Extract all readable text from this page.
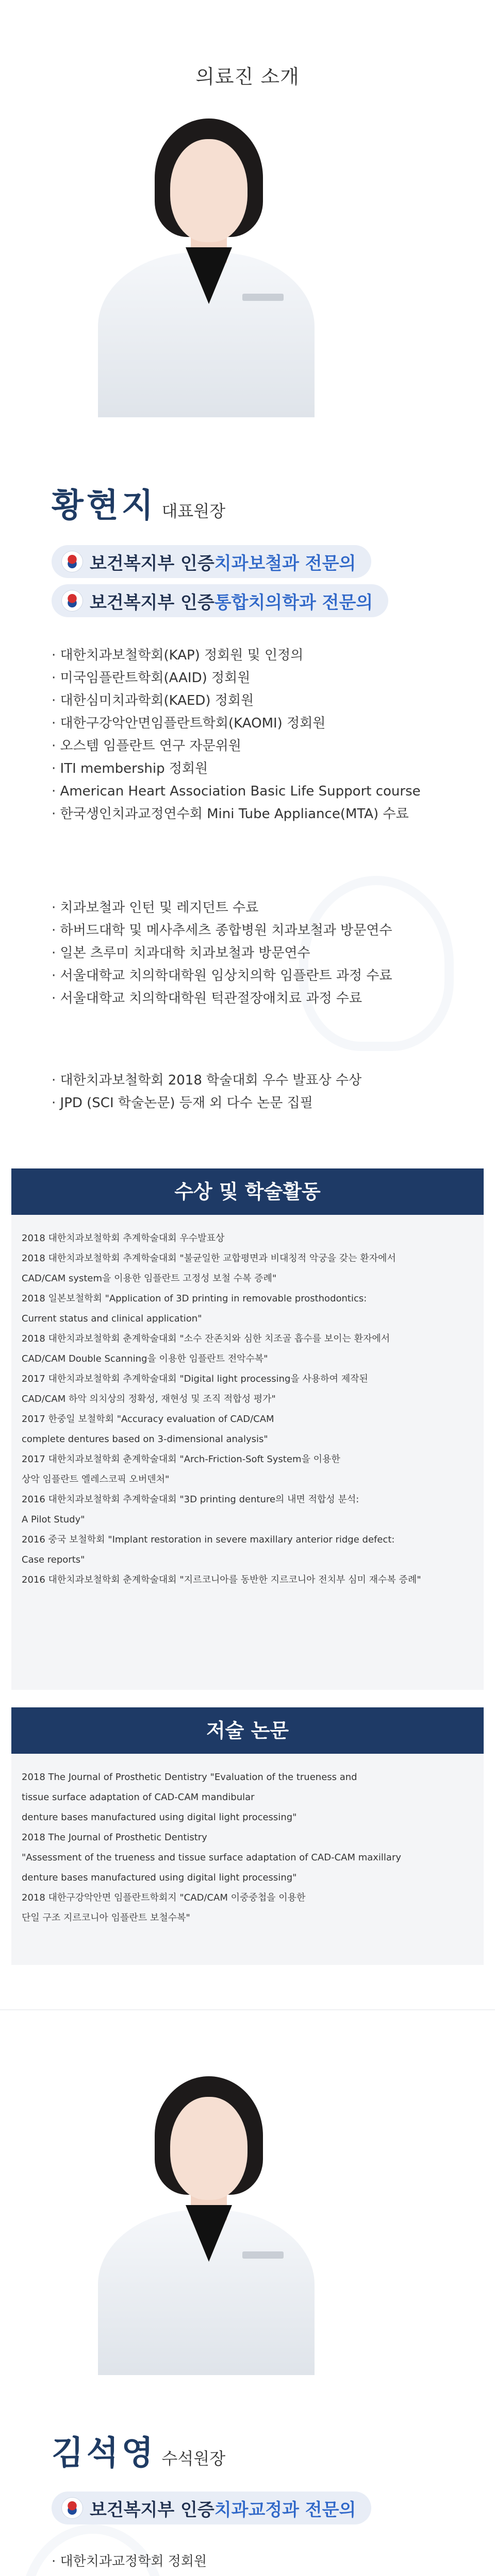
의료진 소개
황현지 대표원장
보건복지부 인증 치과보철과 전문의
보건복지부 인증 통합치의학과 전문의
· 대한치과보철학회(KAP) 정회원 및 인정의
· 미국임플란트학회(AAID) 정회원
· 대한심미치과학회(KAED) 정회원
· 대한구강악안면임플란트학회(KAOMI) 정회원
· 오스템 임플란트 연구 자문위원
· ITI membership 정회원
· American Heart Association Basic Life Support course
· 한국생인치과교정연수회 Mini Tube Appliance(MTA) 수료
· 치과보철과 인턴 및 레지던트 수료
· 하버드대학 및 메사추세츠 종합병원 치과보철과 방문연수
· 일본 츠루미 치과대학 치과보철과 방문연수
· 서울대학교 치의학대학원 임상치의학 임플란트 과정 수료
· 서울대학교 치의학대학원 턱관절장애치료 과정 수료
· 대한치과보철학회 2018 학술대회 우수 발표상 수상
· JPD (SCI 학술논문) 등재 외 다수 논문 집필
수상 및 학술활동
2018 대한치과보철학회 추계학술대회 우수발표상
2018 대한치과보철학회 추계학술대회 "불균일한 교합평면과 비대칭적 악궁을 갖는 환자에서
CAD/CAM system을 이용한 임플란트 고정성 보철 수복 증례"
2018 일본보철학회 "Application of 3D printing in removable prosthodontics:
Current status and clinical application"
2018 대한치과보철학회 춘계학술대회 "소수 잔존치와 심한 치조골 흡수를 보이는 환자에서
CAD/CAM Double Scanning을 이용한 임플란트 전악수복"
2017 대한치과보철학회 추계학술대회 "Digital light processing을 사용하여 제작된
CAD/CAM 하악 의치상의 정확성, 재현성 및 조직 적합성 평가"
2017 한중일 보철학회 "Accuracy evaluation of CAD/CAM
complete dentures based on 3-dimensional analysis"
2017 대한치과보철학회 춘계학술대회 "Arch-Friction-Soft System을 이용한
상악 임플란트 엘레스코픽 오버덴처"
2016 대한치과보철학회 추계학술대회 "3D printing denture의 내면 적합성 분석:
A Pilot Study"
2016 중국 보철학회 "Implant restoration in severe maxillary anterior ridge defect:
Case reports"
2016 대한치과보철학회 춘계학술대회 "지르코니아를 동반한 지르코니아 전치부 심미 재수복 증례"
저술 논문
2018 The Journal of Prosthetic Dentistry "Evaluation of the trueness and
tissue surface adaptation of CAD-CAM mandibular
denture bases manufactured using digital light processing"
2018 The Journal of Prosthetic Dentistry
"Assessment of the trueness and tissue surface adaptation of CAD-CAM maxillary
denture bases manufactured using digital light processing"
2018 대한구강악안면 임플란트학회지 "CAD/CAM 이중중첩을 이용한
단일 구조 지르코니아 임플란트 보철수복"
김석영 수석원장
보건복지부 인증 치과교정과 전문의
· 대한치과교정학회 정회원
·
